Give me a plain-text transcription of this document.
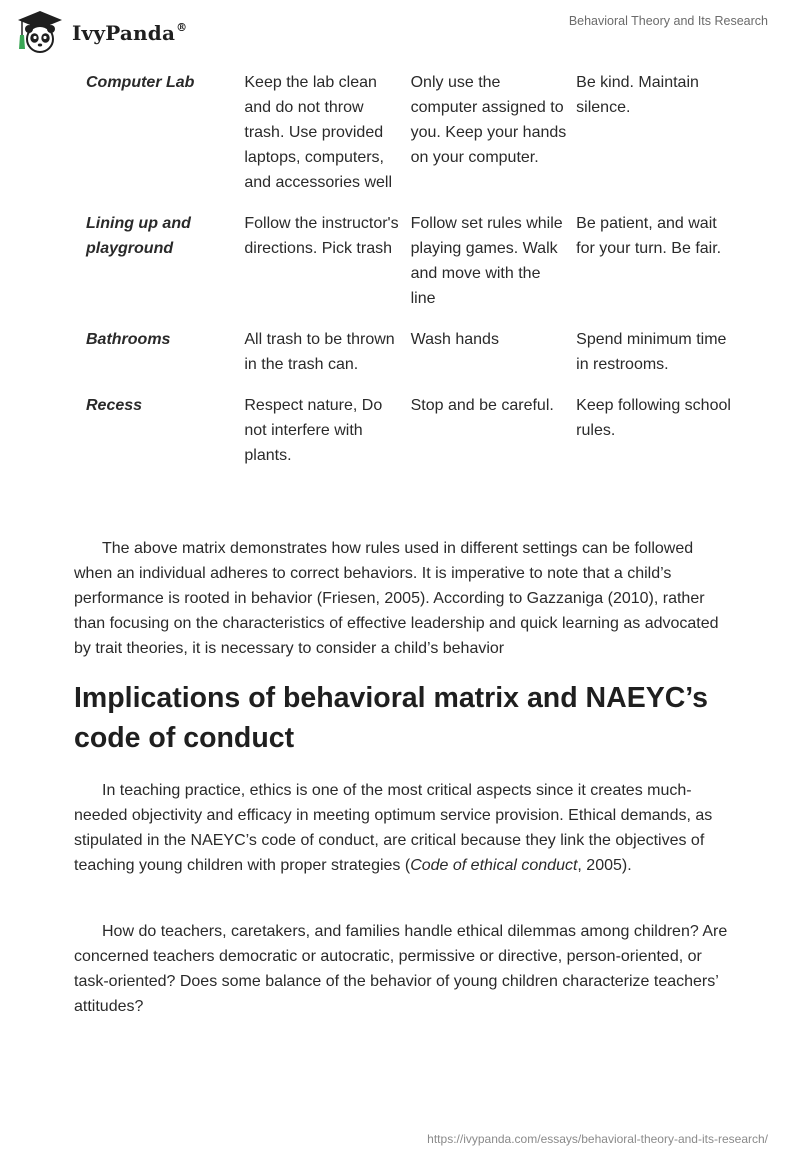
IvyPanda®	Behavioral Theory and Its Research
Computer Lab	Keep the lab clean and do not throw trash. Use provided laptops, computers, and accessories well	Only use the computer assigned to you. Keep your hands on your computer.	Be kind. Maintain silence.
Lining up and playground	Follow the instructor's directions. Pick trash	Follow set rules while playing games. Walk and move with the line	Be patient, and wait for your turn. Be fair.
Bathrooms	All trash to be thrown in the trash can.	Wash hands	Spend minimum time in restrooms.
Recess	Respect nature, Do not interfere with plants.	Stop and be careful.	Keep following school rules.

The above matrix demonstrates how rules used in different settings can be followed when an individual adheres to correct behaviors. It is imperative to note that a child’s performance is rooted in behavior (Friesen, 2005). According to Gazzaniga (2010), rather than focusing on the characteristics of effective leadership and quick learning as advocated by trait theories, it is necessary to consider a child’s behavior

Implications of behavioral matrix and NAEYC’s code of conduct

In teaching practice, ethics is one of the most critical aspects since it creates much-needed objectivity and efficacy in meeting optimum service provision. Ethical demands, as stipulated in the NAEYC’s code of conduct, are critical because they link the objectives of teaching young children with proper strategies (Code of ethical conduct, 2005).

How do teachers, caretakers, and families handle ethical dilemmas among children? Are concerned teachers democratic or autocratic, permissive or directive, person-oriented, or task-oriented? Does some balance of the behavior of young children characterize teachers’ attitudes?

https://ivypanda.com/essays/behavioral-theory-and-its-research/
